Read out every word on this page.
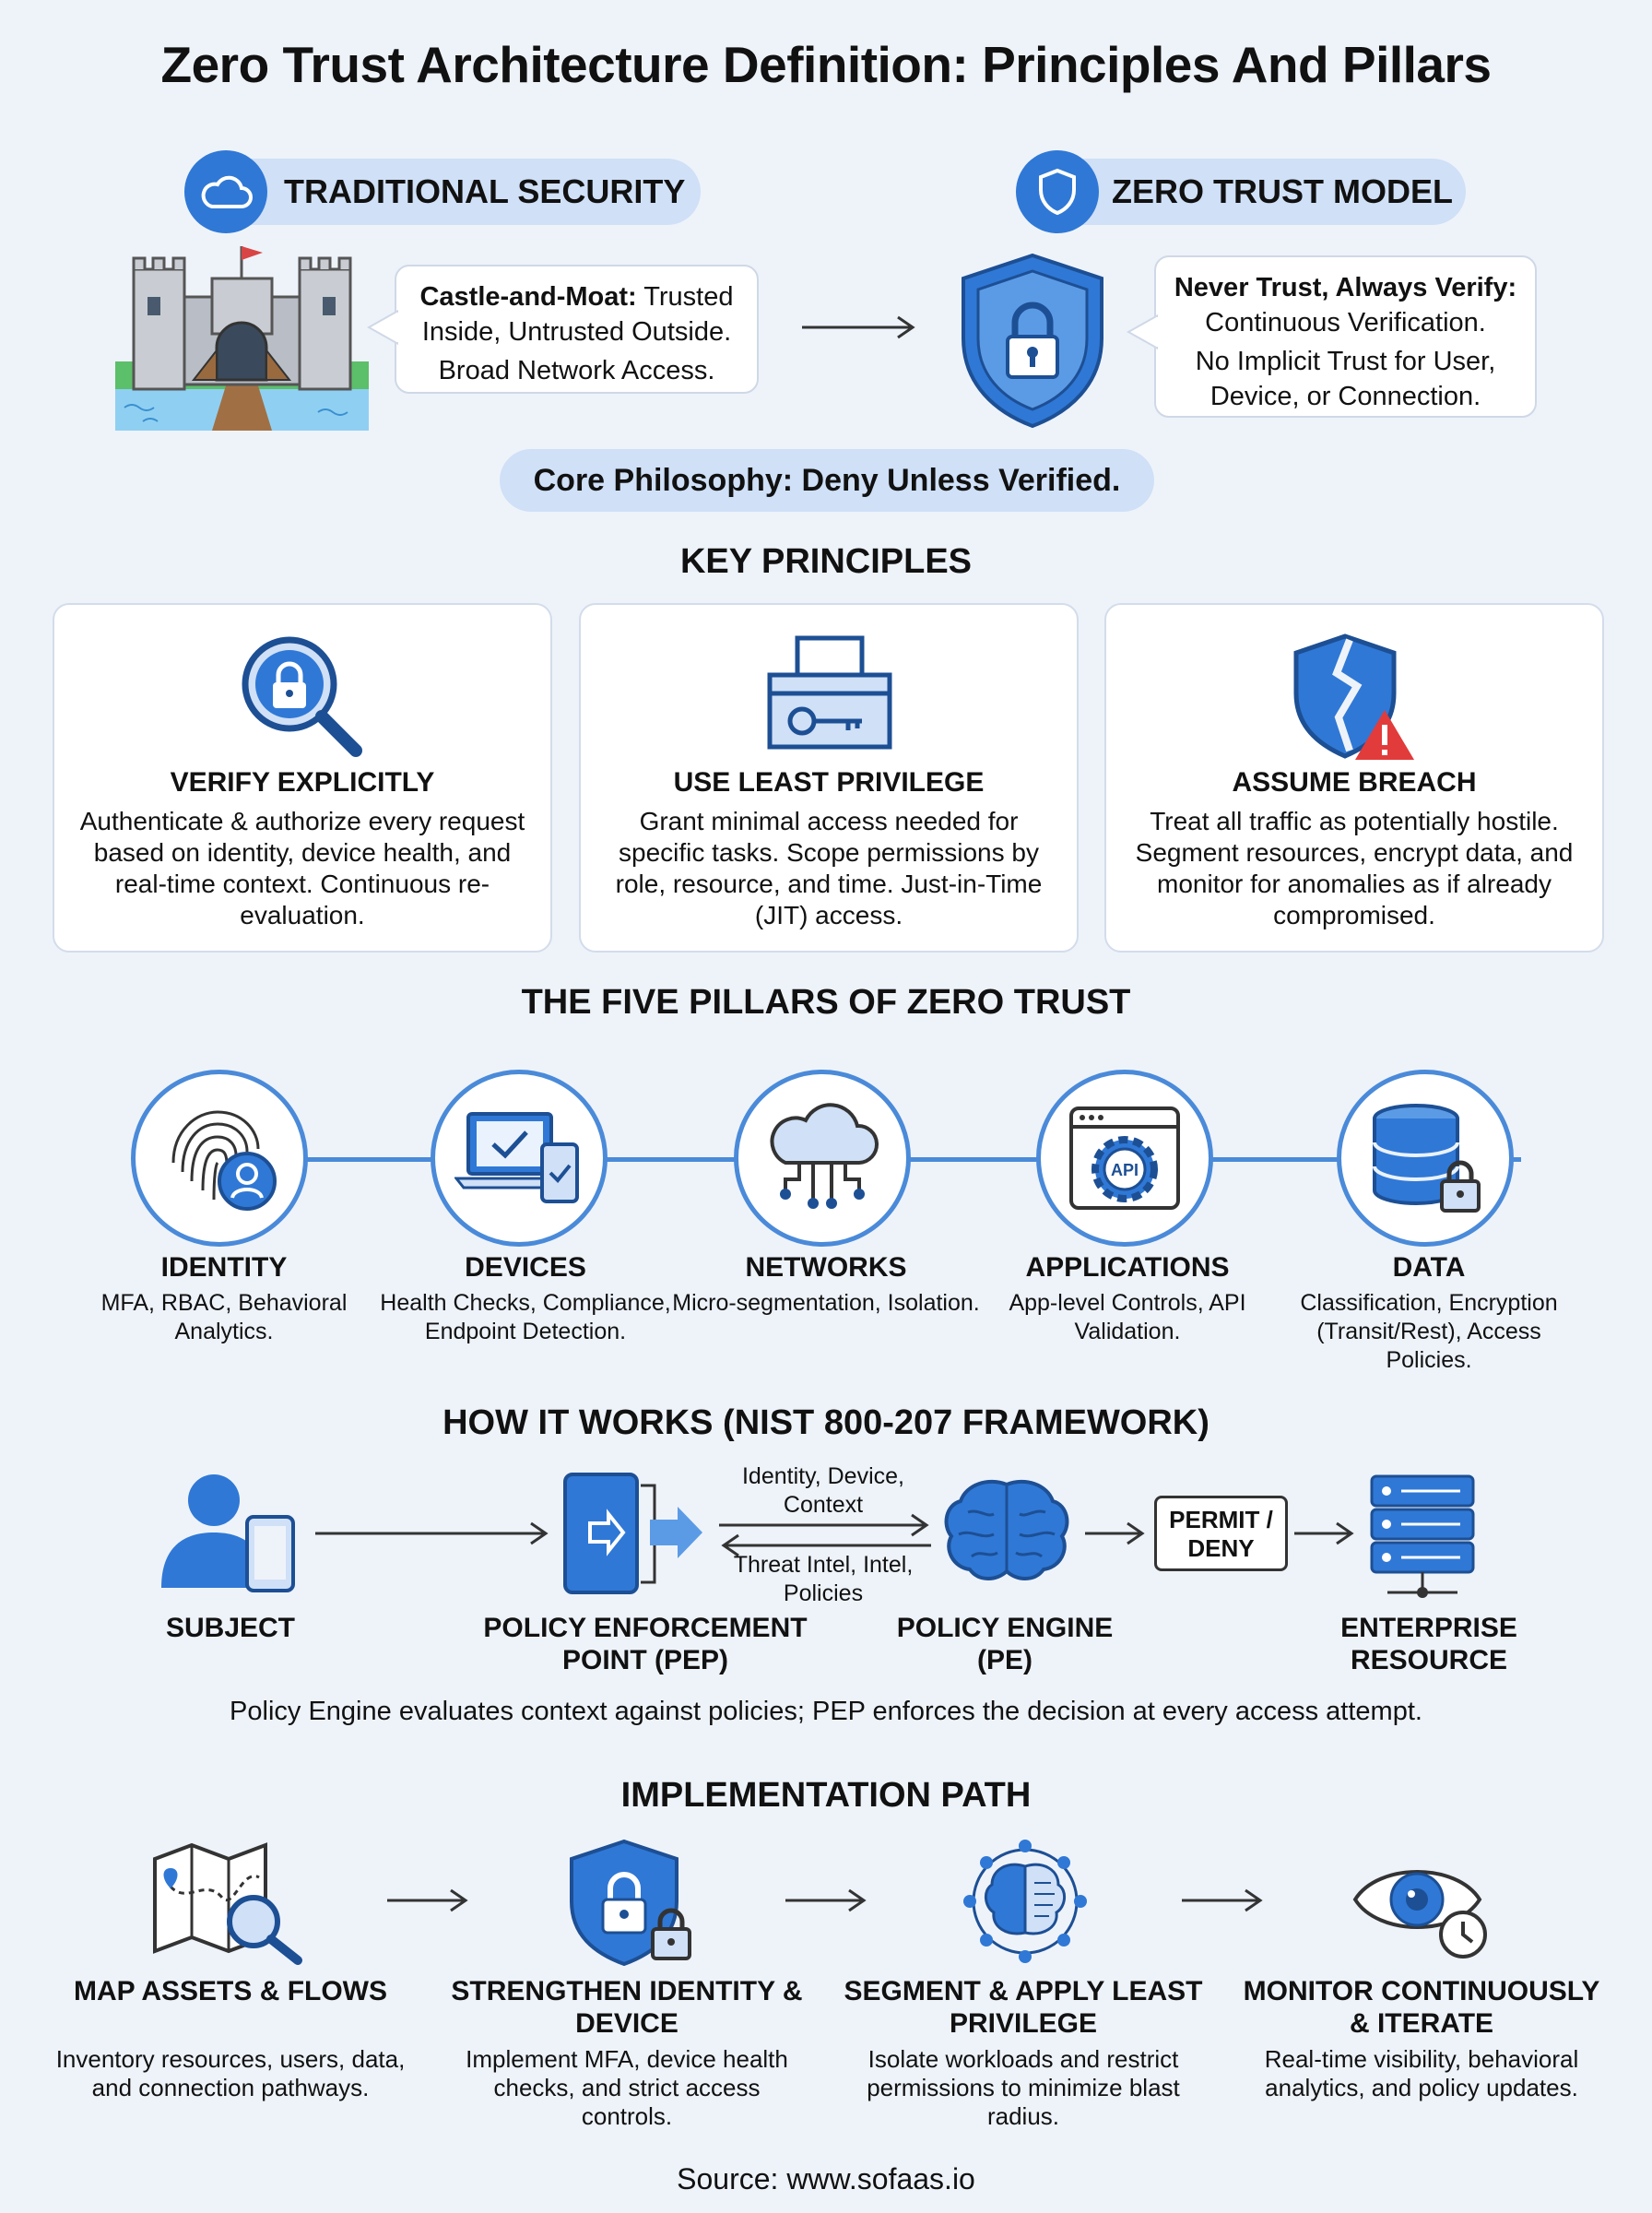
Zero Trust Architecture Definition: Principles And Pillars
TRADITIONAL SECURITY	ZERO TRUST MODEL
Castle-and-Moat: Trusted Inside, Untrusted Outside.
Broad Network Access.
Never Trust, Always Verify:
Continuous Verification.
No Implicit Trust for User, Device, or Connection.
Core Philosophy: Deny Unless Verified.
KEY PRINCIPLES
VERIFY EXPLICITLY
Authenticate & authorize every request based on identity, device health, and real-time context. Continuous re-evaluation.
USE LEAST PRIVILEGE
Grant minimal access needed for specific tasks. Scope permissions by role, resource, and time. Just-in-Time (JIT) access.
ASSUME BREACH
Treat all traffic as potentially hostile. Segment resources, encrypt data, and monitor for anomalies as if already compromised.
THE FIVE PILLARS OF ZERO TRUST
API
IDENTITY
MFA, RBAC, Behavioral Analytics.
DEVICES
Health Checks, Compliance, Endpoint Detection.
NETWORKS
Micro-segmentation, Isolation.
APPLICATIONS
App-level Controls, API Validation.
DATA
Classification, Encryption (Transit/Rest), Access Policies.
HOW IT WORKS (NIST 800-207 FRAMEWORK)
SUBJECT	POLICY ENFORCEMENT POINT (PEP)
Identity, Device, Context
Threat Intel, Intel, Policies
POLICY ENGINE (PE)
PERMIT / DENY
ENTERPRISE RESOURCE
Policy Engine evaluates context against policies; PEP enforces the decision at every access attempt.
IMPLEMENTATION PATH
MAP ASSETS & FLOWS
Inventory resources, users, data, and connection pathways.
STRENGTHEN IDENTITY & DEVICE
Implement MFA, device health checks, and strict access controls.
SEGMENT & APPLY LEAST PRIVILEGE
Isolate workloads and restrict permissions to minimize blast radius.
MONITOR CONTINUOUSLY & ITERATE
Real-time visibility, behavioral analytics, and policy updates.
Source: www.sofaas.io
